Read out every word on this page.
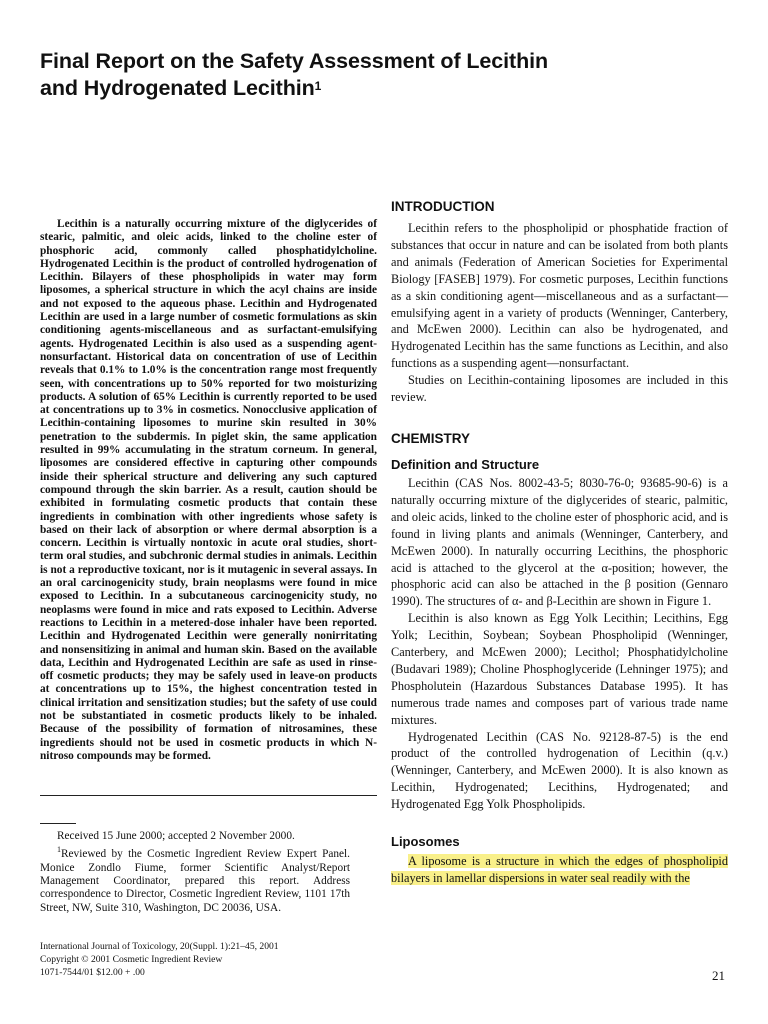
Final Report on the Safety Assessment of Lecithin
and Hydrogenated Lecithin$^1$

Lecithin is a naturally occurring mixture of the diglycerides of stearic, palmitic, and oleic acids, linked to the choline ester of phosphoric acid, commonly called phosphatidylcholine. Hydrogenated Lecithin is the product of controlled hydrogenation of Lecithin. Bilayers of these phospholipids in water may form liposomes, a spherical structure in which the acyl chains are inside and not exposed to the aqueous phase. Lecithin and Hydrogenated Lecithin are used in a large number of cosmetic formulations as skin conditioning agents-miscellaneous and as surfactant-emulsifying agents. Hydrogenated Lecithin is also used as a suspending agent-nonsurfactant. Historical data on concentration of use of Lecithin reveals that 0.1% to 1.0% is the concentration range most frequently seen, with concentrations up to 50% reported for two moisturizing products. A solution of 65% Lecithin is currently reported to be used at concentrations up to 3% in cosmetics. Nonocclusive application of Lecithin-containing liposomes to murine skin resulted in 30% penetration to the subdermis. In piglet skin, the same application resulted in 99% accumulating in the stratum corneum. In general, liposomes are considered effective in capturing other compounds inside their spherical structure and delivering any such captured compound through the skin barrier. As a result, caution should be exhibited in formulating cosmetic products that contain these ingredients in combination with other ingredients whose safety is based on their lack of absorption or where dermal absorption is a concern. Lecithin is virtually nontoxic in acute oral studies, short-term oral studies, and subchronic dermal studies in animals. Lecithin is not a reproductive toxicant, nor is it mutagenic in several assays. In an oral carcinogenicity study, brain neoplasms were found in mice exposed to Lecithin. In a subcutaneous carcinogenicity study, no neoplasms were found in mice and rats exposed to Lecithin. Adverse reactions to Lecithin in a metered-dose inhaler have been reported. Lecithin and Hydrogenated Lecithin were generally nonirritating and nonsensitizing in animal and human skin. Based on the available data, Lecithin and Hydrogenated Lecithin are safe as used in rinse-off cosmetic products; they may be safely used in leave-on products at concentrations up to 15%, the highest concentration tested in clinical irritation and sensitization studies; but the safety of use could not be substantiated in cosmetic products likely to be inhaled. Because of the possibility of formation of nitrosamines, these ingredients should not be used in cosmetic products in which N-nitroso compounds may be formed.

Received 15 June 2000; accepted 2 November 2000.

$^1$Reviewed by the Cosmetic Ingredient Review Expert Panel. Monice Zondlo Fiume, former Scientific Analyst/Report Management Coordinator, prepared this report. Address correspondence to Director, Cosmetic Ingredient Review, 1101 17th Street, NW, Suite 310, Washington, DC 20036, USA.

International Journal of Toxicology, 20(Suppl. 1):21–45, 2001

Copyright © 2001 Cosmetic Ingredient Review

1071-7544/01 $12.00 + .00	21
INTRODUCTION

Lecithin refers to the phospholipid or phosphatide fraction of substances that occur in nature and can be isolated from both plants and animals (Federation of American Societies for Experimental Biology [FASEB] 1979). For cosmetic purposes, Lecithin functions as a skin conditioning agent—miscellaneous and as a surfactant—emulsifying agent in a variety of products (Wenninger, Canterbery, and McEwen 2000). Lecithin can also be hydrogenated, and Hydrogenated Lecithin has the same functions as Lecithin, and also functions as a suspending agent—nonsurfactant.

Studies on Lecithin-containing liposomes are included in this review.

CHEMISTRY
Definition and Structure

Lecithin (CAS Nos. 8002-43-5; 8030-76-0; 93685-90-6) is a naturally occurring mixture of the diglycerides of stearic, palmitic, and oleic acids, linked to the choline ester of phosphoric acid, and is found in living plants and animals (Wenninger, Canterbery, and McEwen 2000). In naturally occurring Lecithins, the phosphoric acid is attached to the glycerol at the α-position; however, the phosphoric acid can also be attached in the β position (Gennaro 1990). The structures of α- and β-Lecithin are shown in Figure 1.

Lecithin is also known as Egg Yolk Lecithin; Lecithins, Egg Yolk; Lecithin, Soybean; Soybean Phospholipid (Wenninger, Canterbery, and McEwen 2000); Lecithol; Phosphatidylcholine (Budavari 1989); Choline Phosphoglyceride (Lehninger 1975); and Phospholutein (Hazardous Substances Database 1995). It has numerous trade names and composes part of various trade name mixtures.

Hydrogenated Lecithin (CAS No. 92128-87-5) is the end product of the controlled hydrogenation of Lecithin (q.v.) (Wenninger, Canterbery, and McEwen 2000). It is also known as Lecithin, Hydrogenated; Lecithins, Hydrogenated; and Hydrogenated Egg Yolk Phospholipids.

Liposomes

A liposome is a structure in which the edges of phospholipid bilayers in lamellar dispersions in water seal readily with the
